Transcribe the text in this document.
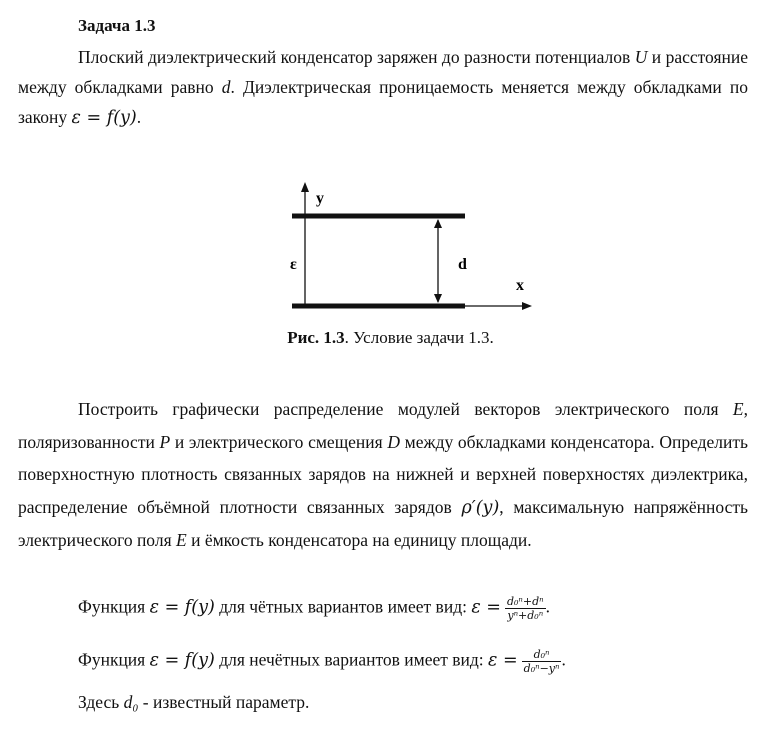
Задача 1.3
Плоский диэлектрический конденсатор заряжен до разности потенциалов U и расстояние между обкладками равно d. Диэлектрическая проницаемость меняется между обкладками по закону ε = f(y).
y
x
ε	d
Рис. 1.3. Условие задачи 1.3.
Построить графически распределение модулей векторов электрического поля E, поляризованности P и электрического смещения D между обкладками конденсатора. Определить поверхностную плотность связанных зарядов на нижней и верхней поверхностях диэлектрика, распределение объёмной плотности связанных зарядов ρ′(y), максимальную напряжённость электрического поля E и ёмкость конденсатора на единицу площади.
Функция ε = f(y) для чётных вариантов имеет вид: $\varepsilon = \frac{\text{d₀ⁿ+dⁿ}}{\text{yⁿ+d₀ⁿ}}$ .
Функция ε = f(y) для нечётных вариантов имеет вид: $\varepsilon = \frac{\text{d₀ⁿ}}{\text{d₀ⁿ−yⁿ}}$ .
Здесь d₀ - известный параметр.
